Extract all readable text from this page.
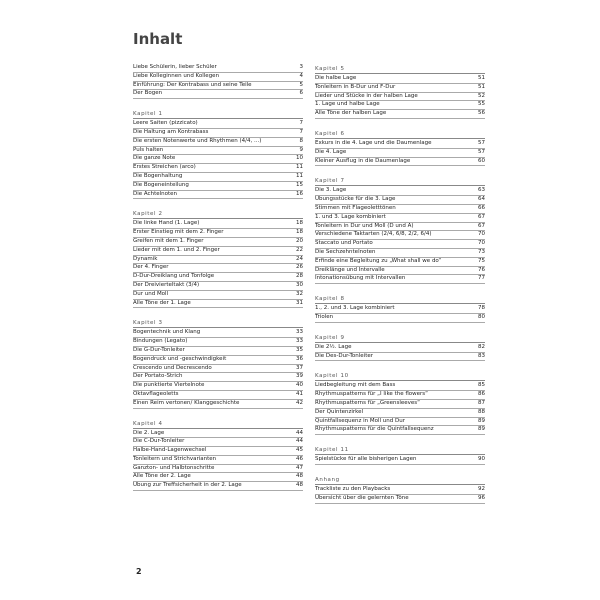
Inhalt
Liebe Schülerin, lieber Schüler	3
Liebe Kolleginnen und Kollegen	4
Einführung: Der Kontrabass und seine Teile	5
Der Bogen	6
Kapitel 1
Leere Saiten (pizzicato)	7
Die Haltung am Kontrabass	7
Die ersten Notenwerte und Rhythmen (4/4, ...)	8
Puls halten	9
Die ganze Note	10
Erstes Streichen (arco)	11
Die Bogenhaltung	11
Die Bogeneinteilung	15
Die Achtelnoten	16
Kapitel 2
Die linke Hand (1. Lage)	18
Erster Einstieg mit dem 2. Finger	18
Greifen mit dem 1. Finger	20
Lieder mit dem 1. und 2. Finger	22
Dynamik	24
Der 4. Finger	26
D-Dur-Dreiklang und Tonfolge	28
Der Dreivierteltakt (3/4)	30
Dur und Moll	32
Alle Töne der 1. Lage	31
Kapitel 3
Bogentechnik und Klang	33
Bindungen (Legato)	33
Die G-Dur-Tonleiter	35
Bogendruck und -geschwindigkeit	36
Crescendo und Decrescendo	37
Der Portato-Strich	39
Die punktierte Viertelnote	40
Oktavflageoletts	41
Einen Reim vertonen/ Klanggeschichte	42
Kapitel 4
Die 2. Lage	44
Die C-Dur-Tonleiter	44
Halbe-Hand-Lagenwechsel	45
Tonleitern und Strichvarianten	46
Ganzton- und Halbtonschritte	47
Alle Töne der 2. Lage	48
Übung zur Treffsicherheit in der 2. Lage	48
Kapitel 5
Die halbe Lage	51
Tonleitern in B-Dur und F-Dur	51
Lieder und Stücke in der halben Lage	52
1. Lage und halbe Lage	55
Alle Töne der halben Lage	56
Kapitel 6
Exkurs in die 4. Lage und die Daumenlage	57
Die 4. Lage	57
Kleiner Ausflug in die Daumenlage	60
Kapitel 7
Die 3. Lage	63
Übungsstücke für die 3. Lage	64
Stimmen mit Flageoletttönen	66
1. und 3. Lage kombiniert	67
Tonleitern in Dur und Moll (D und A)	67
Verschiedene Taktarten (2/4, 6/8, 2/2, 6/4)	70
Staccato und Portato	70
Die Sechzehntelnoten	73
Erfinde eine Begleitung zu „What shall we do“	75
Dreiklänge und Intervalle	76
Intonationsübung mit Intervallen	77
Kapitel 8
1., 2. und 3. Lage kombiniert	78
Triolen	80
Kapitel 9
Die 2½. Lage	82
Die Des-Dur-Tonleiter	83
Kapitel 10
Liedbegleitung mit dem Bass	85
Rhythmuspatterns für „I like the flowers“	86
Rhythmuspatterns für „Greensleeves“	87
Der Quintenzirkel	88
Quintfallsequenz in Moll und Dur	89
Rhythmuspatterns für die Quintfallsequenz	89
Kapitel 11
Spielstücke für alle bisherigen Lagen	90
Anhang
Trackliste zu den Playbacks	92
Übersicht über die gelernten Töne	96
2
